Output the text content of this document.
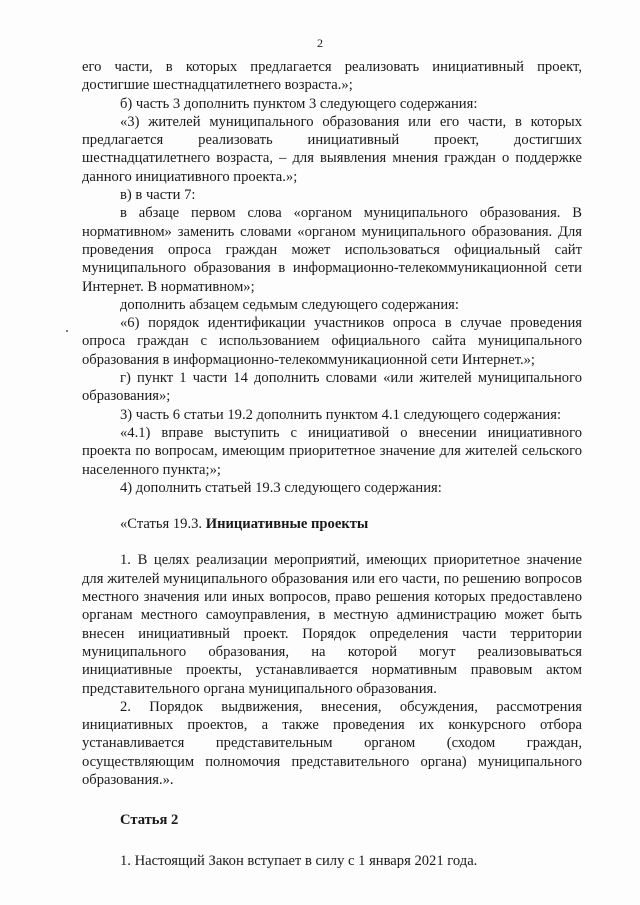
2

его части, в которых предлагается реализовать инициативный проект, достигшие шестнадцатилетнего возраста.»;

б) часть 3 дополнить пунктом 3 следующего содержания:

«3) жителей муниципального образования или его части, в которых предлагается реализовать инициативный проект, достигших шестнадцатилетнего возраста, – для выявления мнения граждан о поддержке данного инициативного проекта.»;

в) в части 7:

в абзаце первом слова «органом муниципального образования. В нормативном» заменить словами «органом муниципального образования. Для проведения опроса граждан может использоваться официальный сайт муниципального образования в информационно-телекоммуникационной сети Интернет. В нормативном»;

дополнить абзацем седьмым следующего содержания:

«6) порядок идентификации участников опроса в случае проведения опроса граждан с использованием официального сайта муниципального образования в информационно-телекоммуникационной сети Интернет.»;

г) пункт 1 части 14 дополнить словами «или жителей муниципального образования»;

3) часть 6 статьи 19.2 дополнить пунктом 4.1 следующего содержания:

«4.1) вправе выступить с инициативой о внесении инициативного проекта по вопросам, имеющим приоритетное значение для жителей сельского населенного пункта;»;

4) дополнить статьей 19.3 следующего содержания:

«Статья 19.3. Инициативные проекты

1. В целях реализации мероприятий, имеющих приоритетное значение для жителей муниципального образования или его части, по решению вопросов местного значения или иных вопросов, право решения которых предоставлено органам местного самоуправления, в местную администрацию может быть внесен инициативный проект. Порядок определения части территории муниципального образования, на которой могут реализовываться инициативные проекты, устанавливается нормативным правовым актом представительного органа муниципального образования.

2. Порядок выдвижения, внесения, обсуждения, рассмотрения инициативных проектов, а также проведения их конкурсного отбора устанавливается представительным органом (сходом граждан, осуществляющим полномочия представительного органа) муниципального образования.».

Статья 2

1. Настоящий Закон вступает в силу с 1 января 2021 года.
